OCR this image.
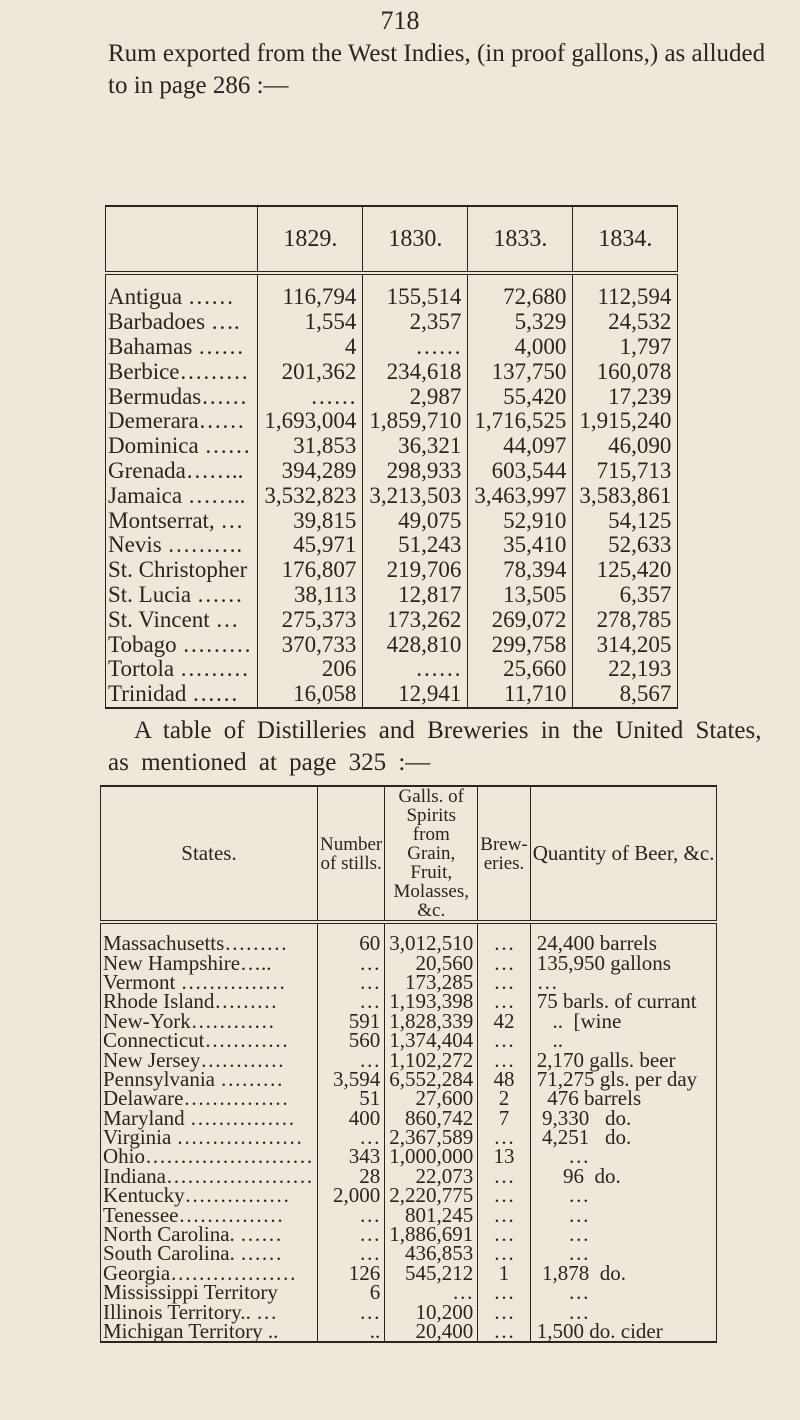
718
Rum exported from the West Indies, (in proof gallons,) as alluded to in page 286 :—
	1829.	1830.	1833.	1834.
Antigua ……	116,794	155,514	72,680	112,594
Barbadoes ….	1,554	2,357	5,329	24,532
Bahamas ……	4	……	4,000	1,797
Berbice………	201,362	234,618	137,750	160,078
Bermudas……	……	2,987	55,420	17,239
Demerara……	1,693,004	1,859,710	1,716,525	1,915,240
Dominica ……	31,853	36,321	44,097	46,090
Grenada……..	394,289	298,933	603,544	715,713
Jamaica ……..	3,532,823	3,213,503	3,463,997	3,583,861
Montserrat, …	39,815	49,075	52,910	54,125
Nevis ……….	45,971	51,243	35,410	52,633
St. Christopher	176,807	219,706	78,394	125,420
St. Lucia ……	38,113	12,817	13,505	6,357
St. Vincent …	275,373	173,262	269,072	278,785
Tobago ………	370,733	428,810	299,758	314,205
Tortola ………	206	……	25,660	22,193
Trinidad ……	16,058	12,941	11,710	8,567
A table of Distilleries and Breweries in the United States, as mentioned at page 325 :—
States.	Number of stills.	Galls. of Spirits from Grain, Fruit, Molasses, &c.	Brew-eries.	Quantity of Beer, &c.
Massachusetts………	60	3,012,510	…	24,400 barrels
New Hampshire…..	…	20,560	…	135,950 gallons
Vermont ……………	…	173,285	…	…
Rhode Island………	…	1,193,398	…	75 barls. of currant
New-York…………	591	1,828,339	42	..  [wine
Connecticut…………	560	1,374,404	…	..
New Jersey…………	…	1,102,272	…	2,170 galls. beer
Pennsylvania ………	3,594	6,552,284	48	71,275 gls. per day
Delaware……………	51	27,600	2	476 barrels
Maryland ……………	400	860,742	7	9,330   do.
Virginia ………………	…	2,367,589	…	4,251   do.
Ohio……………………	343	1,000,000	13	…
Indiana…………………	28	22,073	…	96  do.
Kentucky……………	2,000	2,220,775	…	…
Tenessee……………	…	801,245	…	…
North Carolina. ……	…	1,886,691	…	…
South Carolina. ……	…	436,853	…	…
Georgia………………	126	545,212	1	1,878  do.
Mississippi Territory	6	…	…	…
Illinois Territory.. …	…	10,200	…	…
Michigan Territory ..	..	20,400	…	1,500 do. cider
